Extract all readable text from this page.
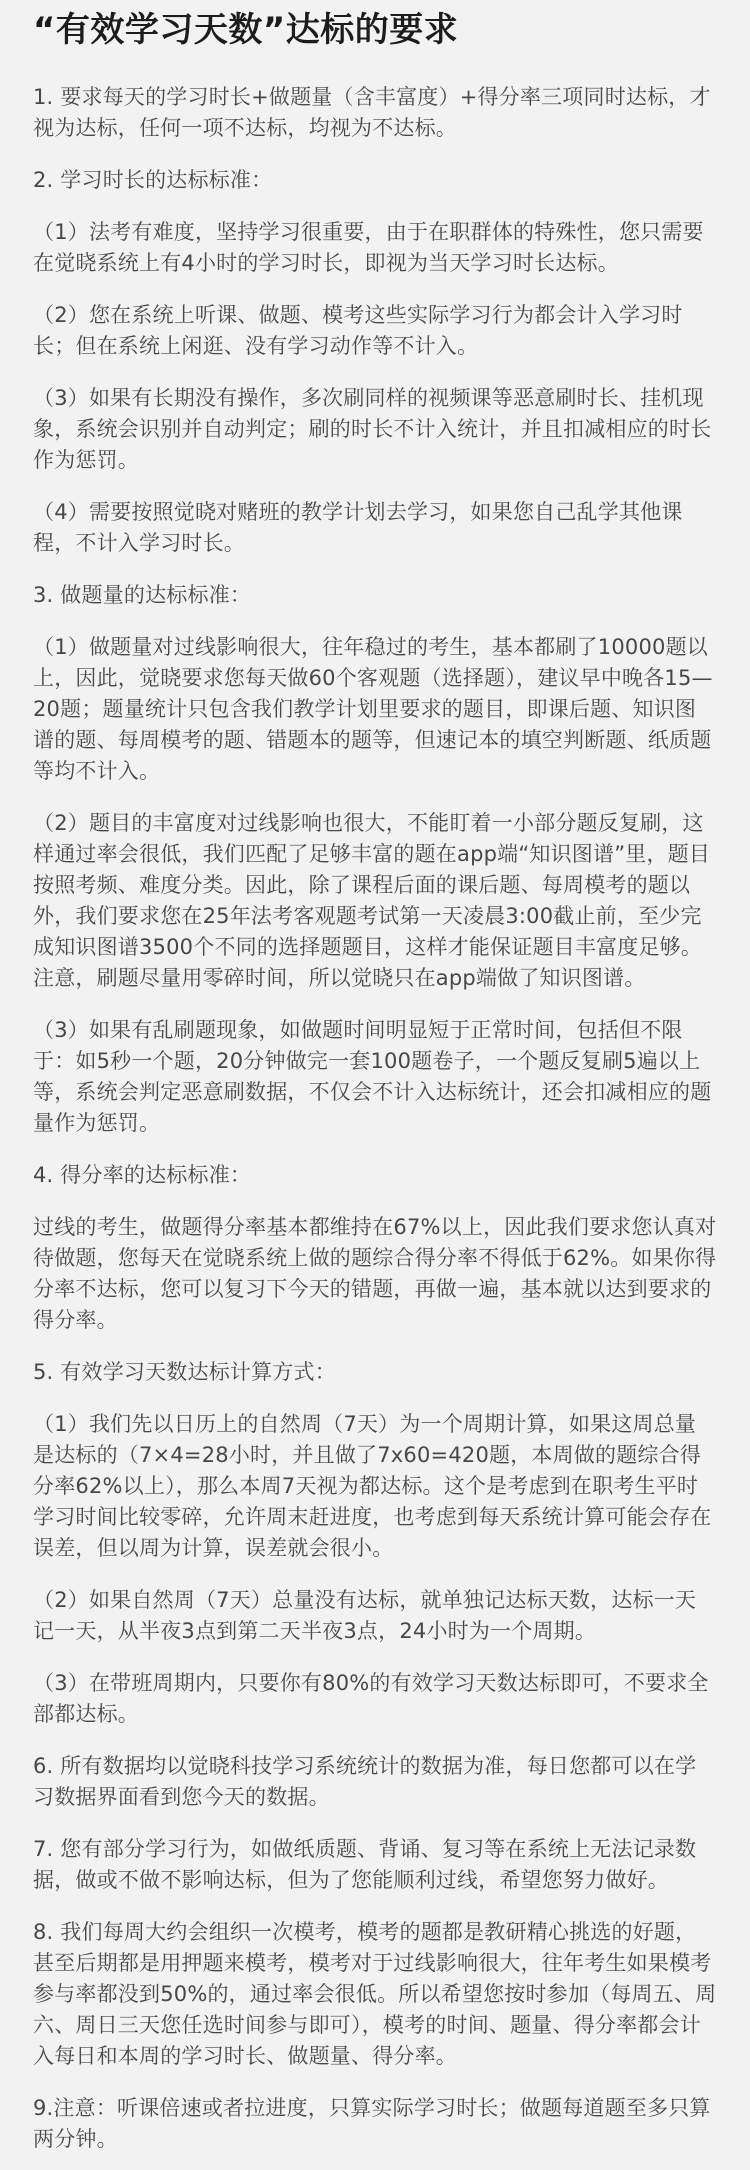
“有效学习天数”达标的要求

1. 要求每天的学习时长+做题量（含丰富度）+得分率三项同时达标，才视为达标，任何一项不达标，均视为不达标。

2. 学习时长的达标标准：

（1）法考有难度，坚持学习很重要，由于在职群体的特殊性，您只需要在觉晓系统上有4小时的学习时长，即视为当天学习时长达标。

（2）您在系统上听课、做题、模考这些实际学习行为都会计入学习时长；但在系统上闲逛、没有学习动作等不计入。

（3）如果有长期没有操作，多次刷同样的视频课等恶意刷时长、挂机现象，系统会识别并自动判定；刷的时长不计入统计，并且扣减相应的时长作为惩罚。

（4）需要按照觉晓对赌班的教学计划去学习，如果您自己乱学其他课程，不计入学习时长。

3. 做题量的达标标准：

（1）做题量对过线影响很大，往年稳过的考生，基本都刷了10000题以上，因此，觉晓要求您每天做60个客观题（选择题），建议早中晚各15—20题；题量统计只包含我们教学计划里要求的题目，即课后题、知识图谱的题、每周模考的题、错题本的题等，但速记本的填空判断题、纸质题等均不计入。

（2）题目的丰富度对过线影响也很大，不能盯着一小部分题反复刷，这样通过率会很低，我们匹配了足够丰富的题在app端“知识图谱”里，题目按照考频、难度分类。因此，除了课程后面的课后题、每周模考的题以外，我们要求您在25年法考客观题考试第一天凌晨3:00截止前，至少完成知识图谱3500个不同的选择题题目，这样才能保证题目丰富度足够。注意，刷题尽量用零碎时间，所以觉晓只在app端做了知识图谱。

（3）如果有乱刷题现象，如做题时间明显短于正常时间，包括但不限于：如5秒一个题，20分钟做完一套100题卷子，一个题反复刷5遍以上等，系统会判定恶意刷数据，不仅会不计入达标统计，还会扣减相应的题量作为惩罚。

4. 得分率的达标标准：

过线的考生，做题得分率基本都维持在67%以上，因此我们要求您认真对待做题，您每天在觉晓系统上做的题综合得分率不得低于62%。如果你得分率不达标，您可以复习下今天的错题，再做一遍，基本就以达到要求的得分率。

5. 有效学习天数达标计算方式：

（1）我们先以日历上的自然周（7天）为一个周期计算，如果这周总量是达标的（7×4=28小时，并且做了7x60=420题，本周做的题综合得分率62%以上），那么本周7天视为都达标。这个是考虑到在职考生平时学习时间比较零碎，允许周末赶进度，也考虑到每天系统计算可能会存在误差，但以周为计算，误差就会很小。

（2）如果自然周（7天）总量没有达标，就单独记达标天数，达标一天记一天，从半夜3点到第二天半夜3点，24小时为一个周期。

（3）在带班周期内，只要你有80%的有效学习天数达标即可，不要求全部都达标。

6. 所有数据均以觉晓科技学习系统统计的数据为准，每日您都可以在学习数据界面看到您今天的数据。

7. 您有部分学习行为，如做纸质题、背诵、复习等在系统上无法记录数据，做或不做不影响达标，但为了您能顺利过线，希望您努力做好。

8. 我们每周大约会组织一次模考，模考的题都是教研精心挑选的好题，甚至后期都是用押题来模考，模考对于过线影响很大，往年考生如果模考参与率都没到50%的，通过率会很低。所以希望您按时参加（每周五、周六、周日三天您任选时间参与即可），模考的时间、题量、得分率都会计入每日和本周的学习时长、做题量、得分率。

9.注意：听课倍速或者拉进度，只算实际学习时长；做题每道题至多只算两分钟。
